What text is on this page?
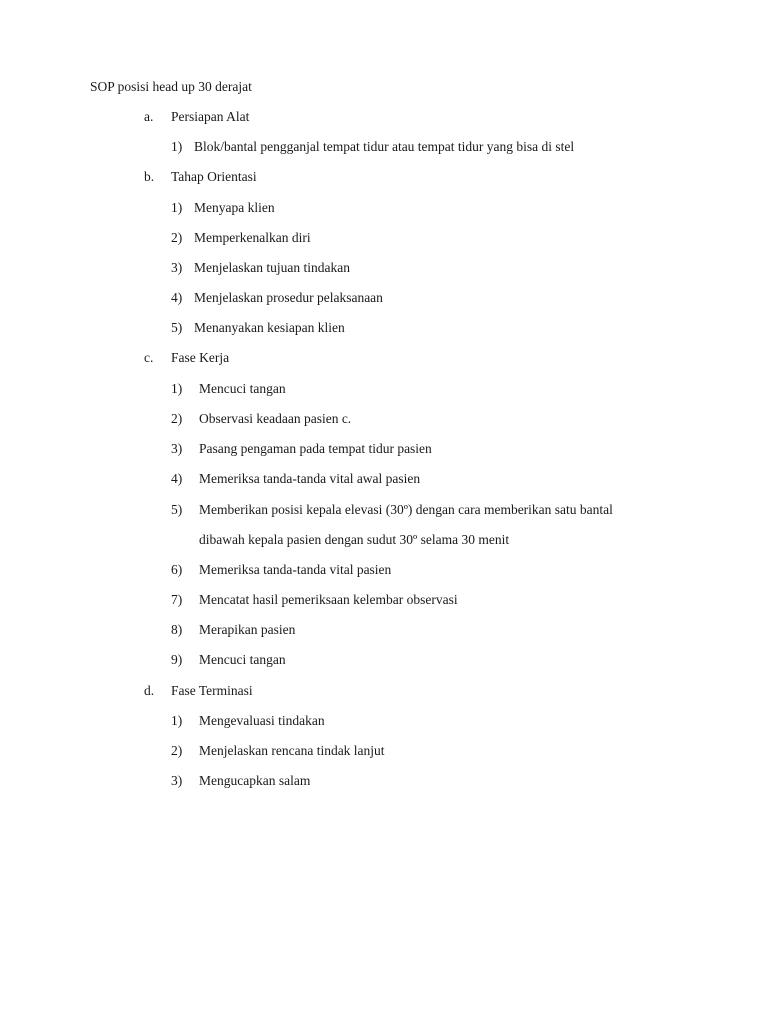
SOP posisi head up 30 derajat
a. Persiapan Alat
1) Blok/bantal pengganjal tempat tidur atau tempat tidur yang bisa di stel
b. Tahap Orientasi
1) Menyapa klien
2) Memperkenalkan diri
3) Menjelaskan tujuan tindakan
4) Menjelaskan prosedur pelaksanaan
5) Menanyakan kesiapan klien
c. Fase Kerja
1) Mencuci tangan
2) Observasi keadaan pasien c.
3) Pasang pengaman pada tempat tidur pasien
4) Memeriksa tanda-tanda vital awal pasien
5) Memberikan posisi kepala elevasi (30º) dengan cara memberikan satu bantal
dibawah kepala pasien dengan sudut 30º selama 30 menit
6) Memeriksa tanda-tanda vital pasien
7) Mencatat hasil pemeriksaan kelembar observasi
8) Merapikan pasien
9) Mencuci tangan
d. Fase Terminasi
1) Mengevaluasi tindakan
2) Menjelaskan rencana tindak lanjut
3) Mengucapkan salam
